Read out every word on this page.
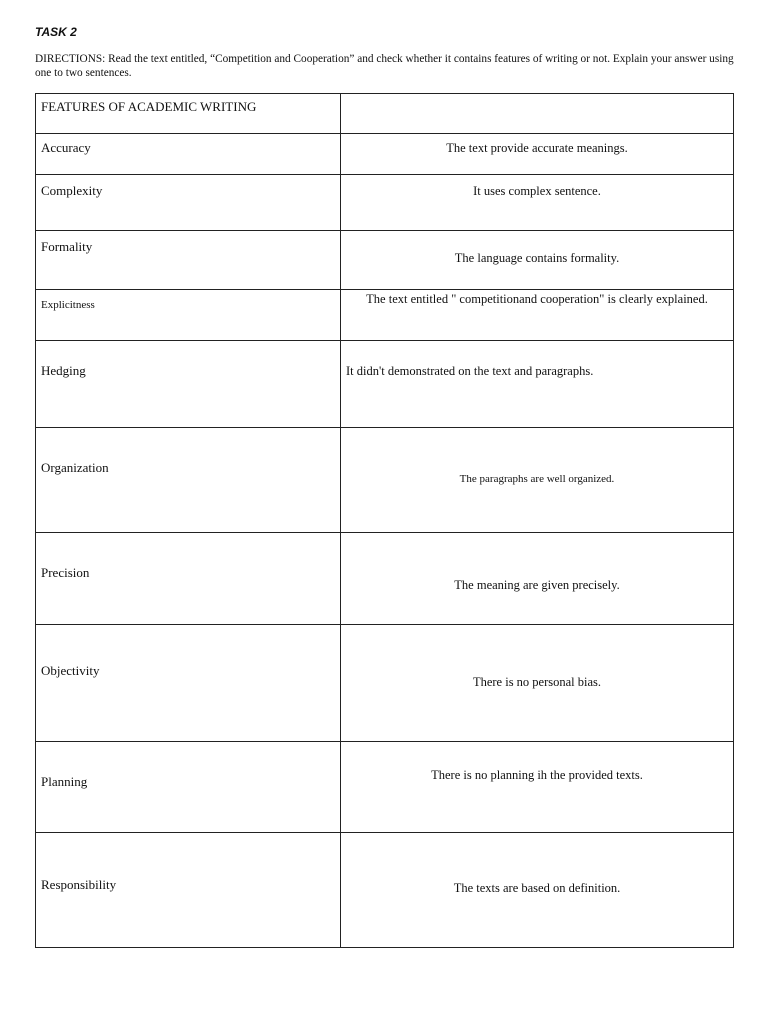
TASK 2

DIRECTIONS: Read the text entitled, “Competition and Cooperation” and check whether it contains features of writing or not. Explain your answer using one to two sentences.

FEATURES OF ACADEMIC WRITING	
Accuracy	The text provide accurate meanings.
Complexity	It uses complex sentence.
Formality	The language contains formality.
Explicitness	The text entitled " competitionand cooperation" is clearly explained.
Hedging	It didn't demonstrated on the text and paragraphs.
Organization	The paragraphs are well organized.
Precision	The meaning are given precisely.
Objectivity	There is no personal bias.
Planning	There is no planning ih the provided texts.
Responsibility	The texts are based on definition.
